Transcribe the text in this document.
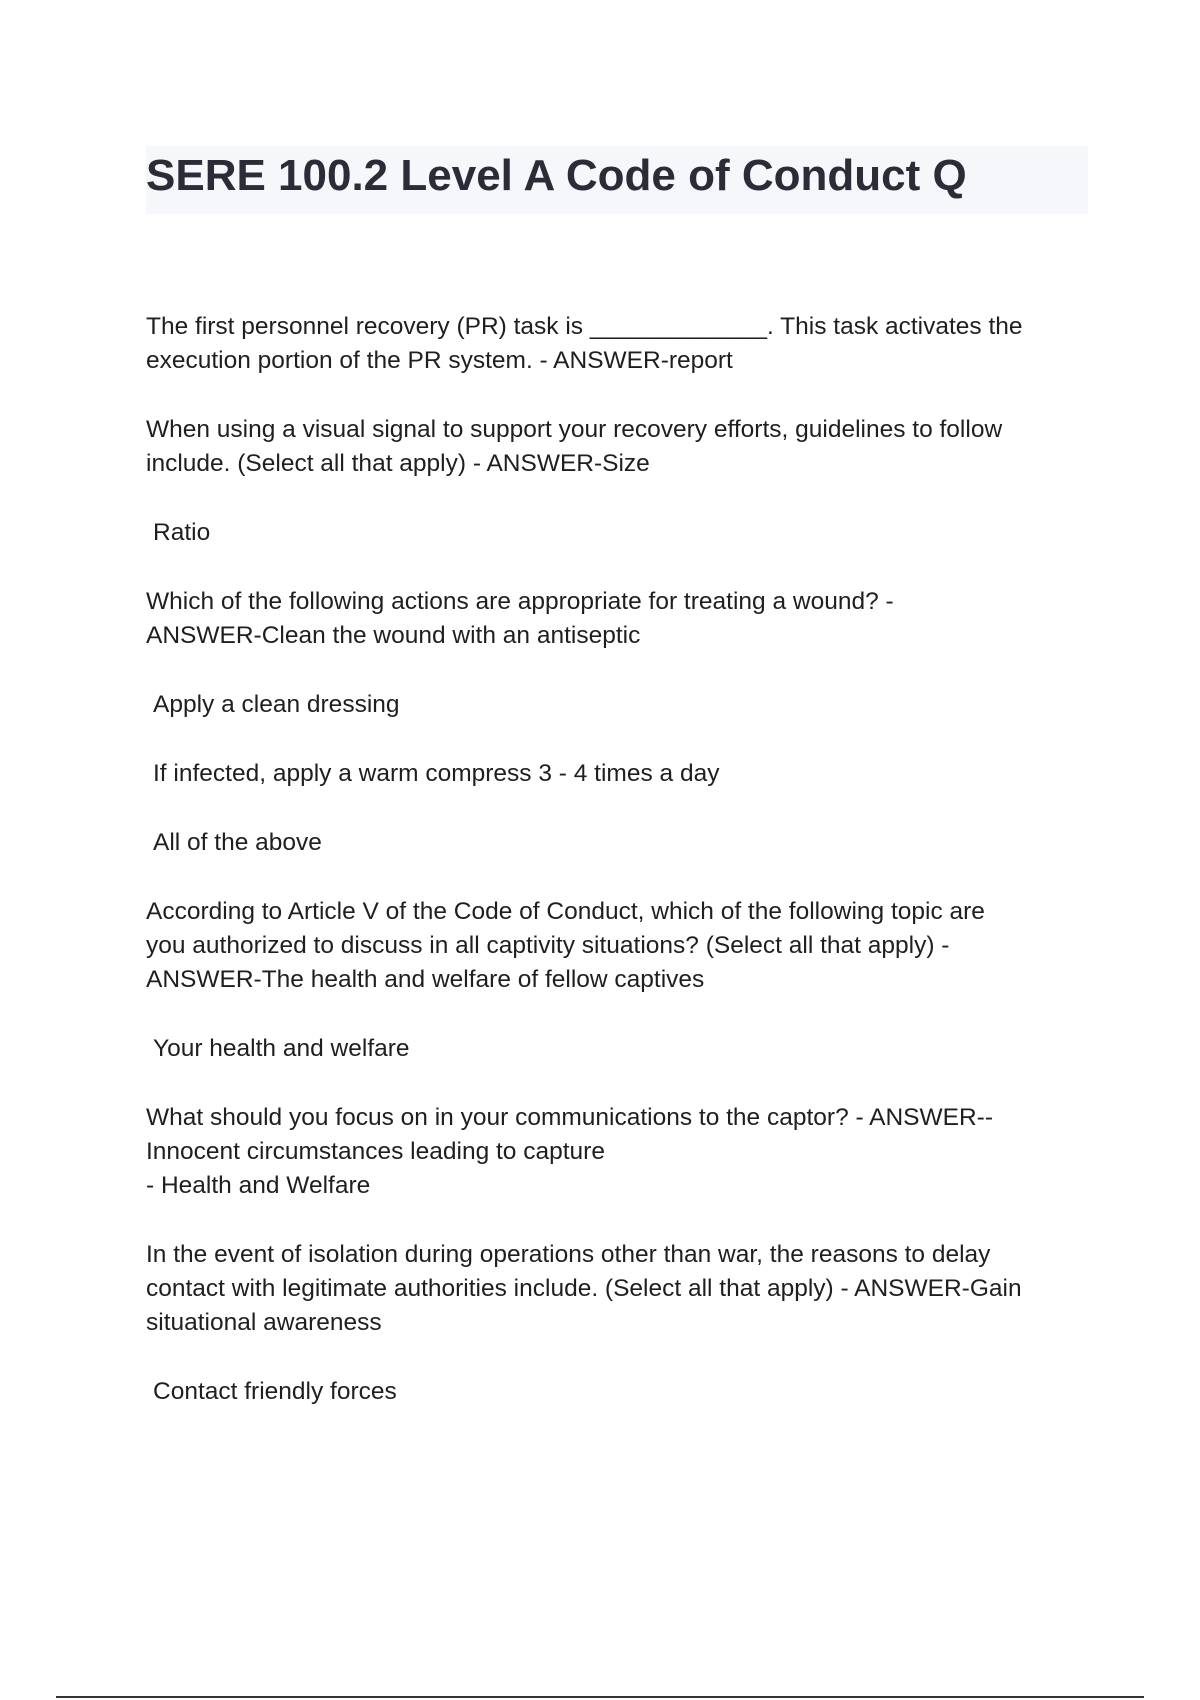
SERE 100.2 Level A Code of Conduct Q
The first personnel recovery (PR) task is _____________. This task activates the
execution portion of the PR system. - ANSWER-report
When using a visual signal to support your recovery efforts, guidelines to follow
include. (Select all that apply) - ANSWER-Size
Ratio
Which of the following actions are appropriate for treating a wound? -
ANSWER-Clean the wound with an antiseptic
Apply a clean dressing
If infected, apply a warm compress 3 - 4 times a day
All of the above
According to Article V of the Code of Conduct, which of the following topic are
you authorized to discuss in all captivity situations? (Select all that apply) -
ANSWER-The health and welfare of fellow captives
Your health and welfare
What should you focus on in your communications to the captor? - ANSWER--
Innocent circumstances leading to capture
- Health and Welfare
In the event of isolation during operations other than war, the reasons to delay
contact with legitimate authorities include. (Select all that apply) - ANSWER-Gain
situational awareness
Contact friendly forces
